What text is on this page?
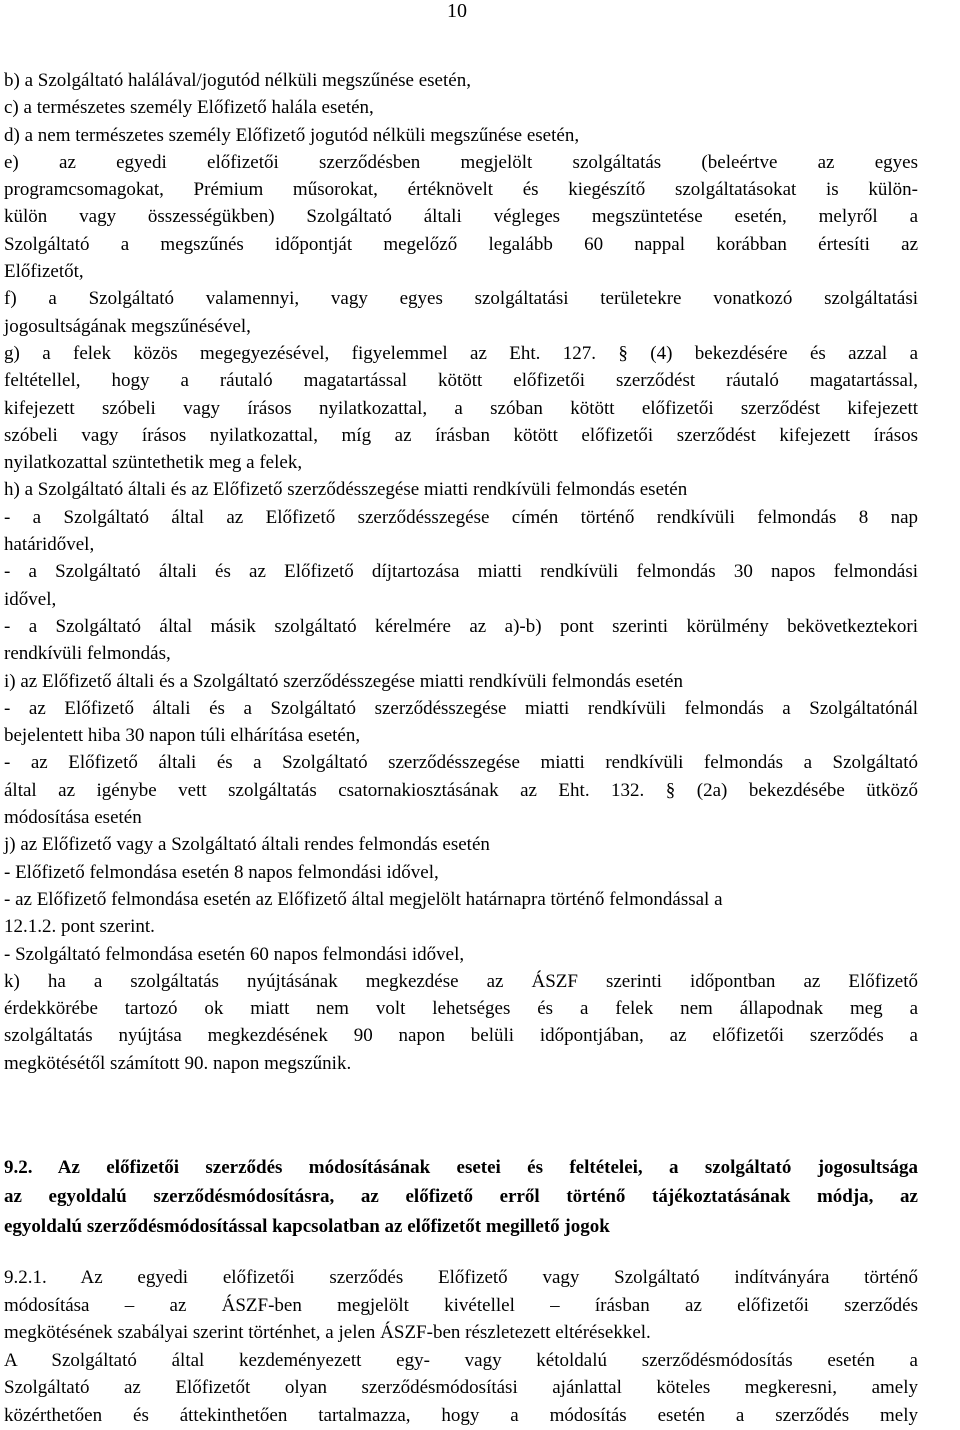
10
b) a Szolgáltató halálával/jogutód nélküli megszűnése esetén,
c) a természetes személy Előfizető halála esetén,
d) a nem természetes személy Előfizető jogutód nélküli megszűnése esetén,
e) az egyedi előfizetői szerződésben megjelölt szolgáltatás (beleértve az egyes
programcsomagokat, Prémium műsorokat, értéknövelt és kiegészítő szolgáltatásokat is külön-
külön vagy összességükben) Szolgáltató általi végleges megszüntetése esetén, melyről a
Szolgáltató a megszűnés időpontját megelőző legalább 60 nappal korábban értesíti az
Előfizetőt,
f) a Szolgáltató valamennyi, vagy egyes szolgáltatási területekre vonatkozó szolgáltatási
jogosultságának megszűnésével,
g) a felek közös megegyezésével, figyelemmel az Eht. 127. § (4) bekezdésére és azzal a
feltétellel, hogy a ráutaló magatartással kötött előfizetői szerződést ráutaló magatartással,
kifejezett szóbeli vagy írásos nyilatkozattal, a szóban kötött előfizetői szerződést kifejezett
szóbeli vagy írásos nyilatkozattal, míg az írásban kötött előfizetői szerződést kifejezett írásos
nyilatkozattal szüntethetik meg a felek,
h) a Szolgáltató általi és az Előfizető szerződésszegése miatti rendkívüli felmondás esetén
- a Szolgáltató által az Előfizető szerződésszegése címén történő rendkívüli felmondás 8 nap
határidővel,
- a Szolgáltató általi és az Előfizető díjtartozása miatti rendkívüli felmondás 30 napos felmondási
idővel,
- a Szolgáltató által másik szolgáltató kérelmére az a)-b) pont szerinti körülmény bekövetkeztekori
rendkívüli felmondás,
i) az Előfizető általi és a Szolgáltató szerződésszegése miatti rendkívüli felmondás esetén
- az Előfizető általi és a Szolgáltató szerződésszegése miatti rendkívüli felmondás a Szolgáltatónál
bejelentett hiba 30 napon túli elhárítása esetén,
- az Előfizető általi és a Szolgáltató szerződésszegése miatti rendkívüli felmondás a Szolgáltató
által az igénybe vett szolgáltatás csatornakiosztásának az Eht. 132. § (2a) bekezdésébe ütköző
módosítása esetén
j) az Előfizető vagy a Szolgáltató általi rendes felmondás esetén
- Előfizető felmondása esetén 8 napos felmondási idővel,
- az Előfizető felmondása esetén az Előfizető által megjelölt határnapra történő felmondással a
12.1.2. pont szerint.
- Szolgáltató felmondása esetén 60 napos felmondási idővel,
k) ha a szolgáltatás nyújtásának megkezdése az ÁSZF szerinti időpontban az Előfizető
érdekkörébe tartozó ok miatt nem volt lehetséges és a felek nem állapodnak meg a
szolgáltatás nyújtása megkezdésének 90 napon belüli időpontjában, az előfizetői szerződés a
megkötésétől számított 90. napon megszűnik.
9.2. Az előfizetői szerződés módosításának esetei és feltételei, a szolgáltató jogosultsága
az egyoldalú szerződésmódosításra, az előfizető erről történő tájékoztatásának módja, az
egyoldalú szerződésmódosítással kapcsolatban az előfizetőt megillető jogok
9.2.1. Az egyedi előfizetői szerződés Előfizető vagy Szolgáltató indítványára történő
módosítása – az ÁSZF-ben megjelölt kivétellel – írásban az előfizetői szerződés
megkötésének szabályai szerint történhet, a jelen ÁSZF-ben részletezett eltérésekkel.
A Szolgáltató által kezdeményezett egy- vagy kétoldalú szerződésmódosítás esetén a
Szolgáltató az Előfizetőt olyan szerződésmódosítási ajánlattal köteles megkeresni, amely
közérthetően és áttekinthetően tartalmazza, hogy a módosítás esetén a szerződés mely
